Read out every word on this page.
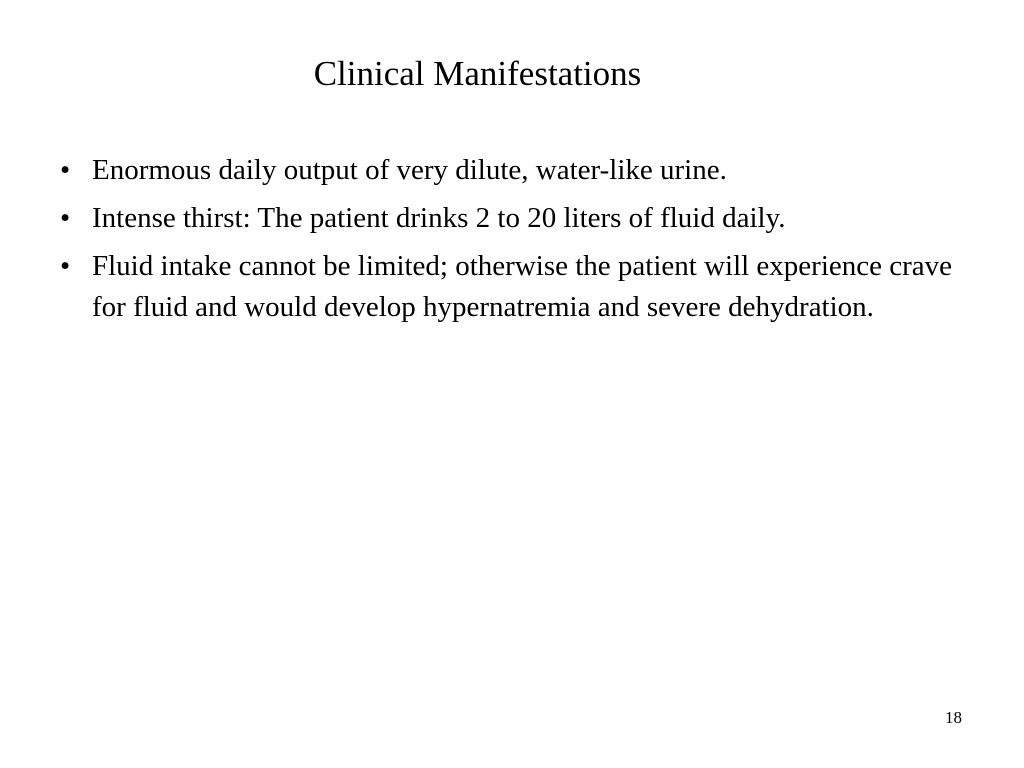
Clinical Manifestations
• Enormous daily output of very dilute, water-like urine.
• Intense thirst: The patient drinks 2 to 20 liters of fluid daily.
• Fluid intake cannot be limited; otherwise the patient will experience crave for fluid and would develop hypernatremia and severe dehydration.
18
